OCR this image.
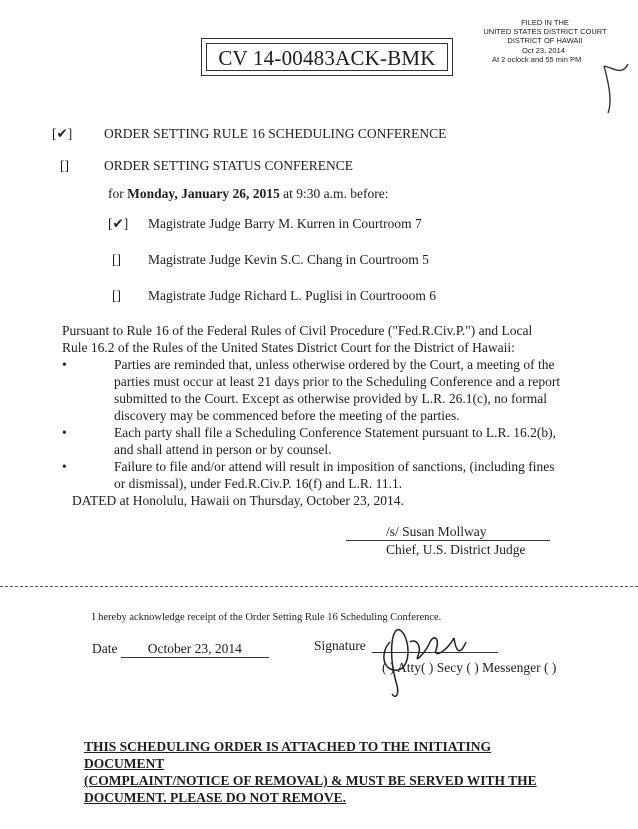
CV 14-00483ACK-BMK
FILED IN THE
UNITED STATES DISTRICT COURT
DISTRICT OF HAWAII
Oct 23, 2014
At 2 oclock and 55 min PM
[✔] ORDER SETTING RULE 16 SCHEDULING CONFERENCE
[]	ORDER SETTING STATUS CONFERENCE
for Monday, January 26, 2015 at 9:30 a.m. before:
[✔] Magistrate Judge Barry M. Kurren in Courtroom 7
[] Magistrate Judge Kevin S.C. Chang in Courtroom 5
[] Magistrate Judge Richard L. Puglisi in Courtrooom 6
Pursuant to Rule 16 of the Federal Rules of Civil Procedure ("Fed.R.Civ.P.") and Local
Rule 16.2 of the Rules of the United States District Court for the District of Hawaii:
•	Parties are reminded that, unless otherwise ordered by the Court, a meeting of the
parties must occur at least 21 days prior to the Scheduling Conference and a report
submitted to the Court. Except as otherwise provided by L.R. 26.1(c), no formal
discovery may be commenced before the meeting of the parties.
•	Each party shall file a Scheduling Conference Statement pursuant to L.R. 16.2(b),
and shall attend in person or by counsel.
•	Failure to file and/or attend will result in imposition of sanctions, (including fines
or dismissal), under Fed.R.Civ.P. 16(f) and L.R. 11.1.
DATED at Honolulu, Hawaii on Thursday, October 23, 2014.
/s/ Susan Mollway
Chief, U.S. District Judge
I hereby acknowledge receipt of the Order Setting Rule 16 Scheduling Conference.
Date October 23, 2014	Signature
( ) Atty( ) Secy ( ) Messenger ( )
THIS SCHEDULING ORDER IS ATTACHED TO THE INITIATING DOCUMENT
(COMPLAINT/NOTICE OF REMOVAL) & MUST BE SERVED WITH THE
DOCUMENT. PLEASE DO NOT REMOVE.
